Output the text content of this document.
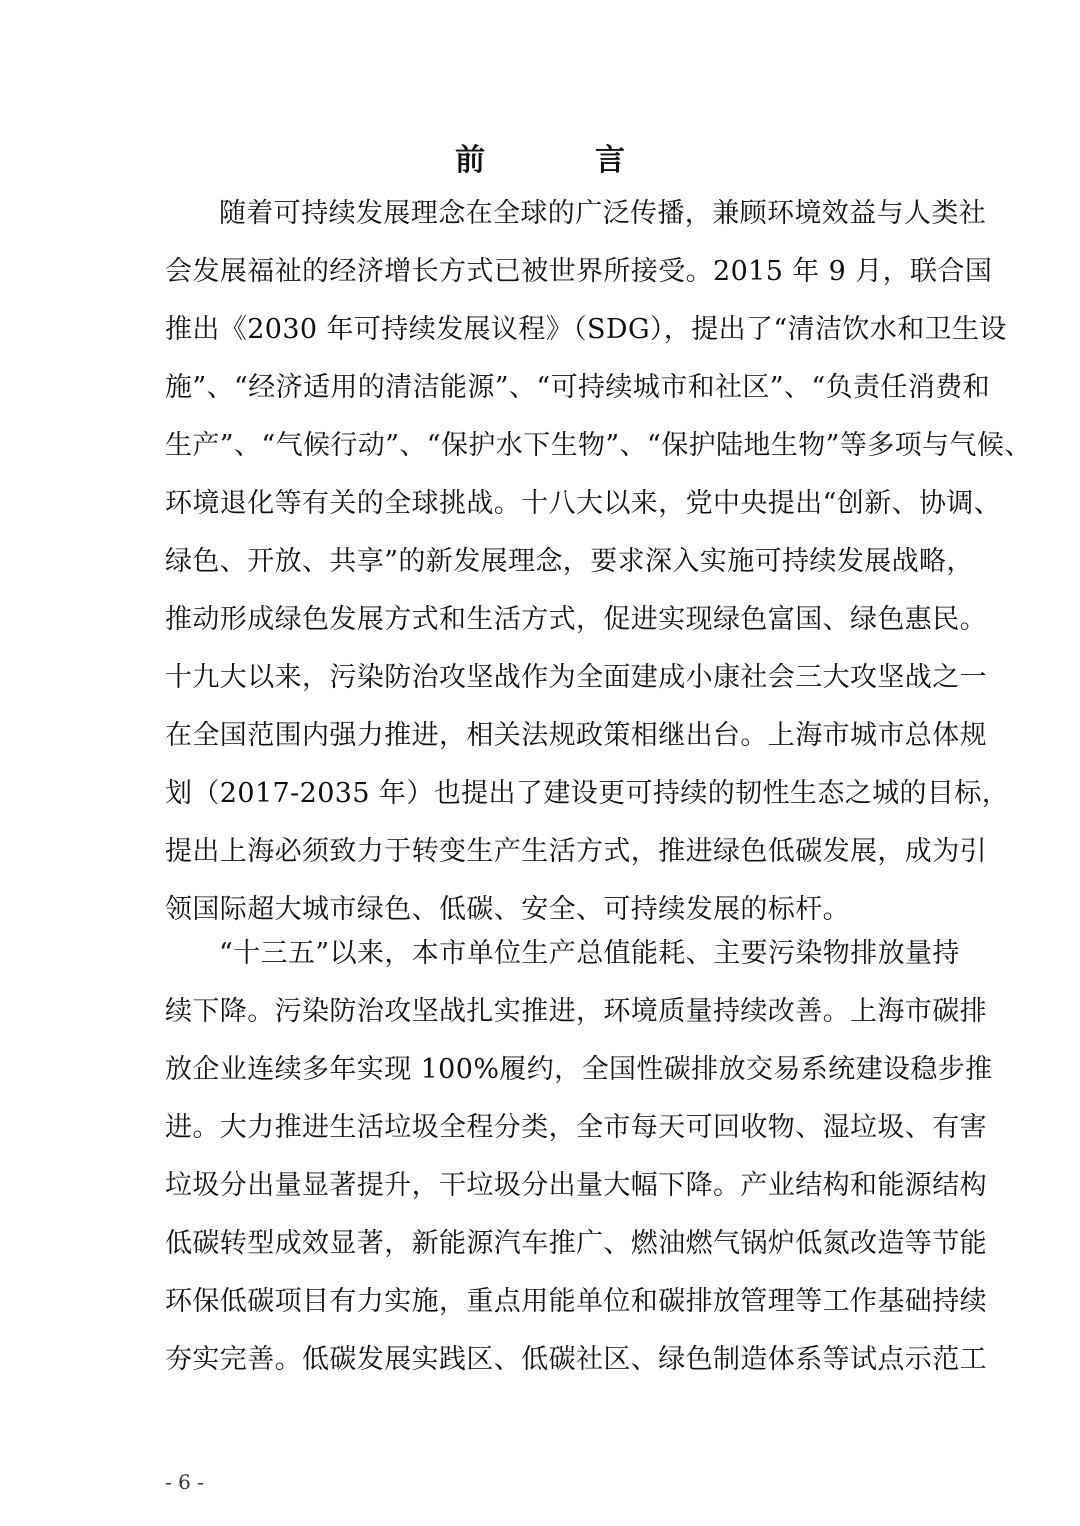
前　言
随着可持续发展理念在全球的广泛传播，兼顾环境效益与人类社
会发展福祉的经济增长方式已被世界所接受。2015 年 9 月，联合国
推出《2030 年可持续发展议程》（SDG），提出了“清洁饮水和卫生设
施”、“经济适用的清洁能源”、“可持续城市和社区”、“负责任消费和
生产”、“气候行动”、“保护水下生物”、“保护陆地生物”等多项与气候、
环境退化等有关的全球挑战。十八大以来，党中央提出“创新、协调、
绿色、开放、共享”的新发展理念，要求深入实施可持续发展战略，
推动形成绿色发展方式和生活方式，促进实现绿色富国、绿色惠民。
十九大以来，污染防治攻坚战作为全面建成小康社会三大攻坚战之一
在全国范围内强力推进，相关法规政策相继出台。上海市城市总体规
划（2017-2035 年）也提出了建设更可持续的韧性生态之城的目标，
提出上海必须致力于转变生产生活方式，推进绿色低碳发展，成为引
领国际超大城市绿色、低碳、安全、可持续发展的标杆。
“十三五”以来，本市单位生产总值能耗、主要污染物排放量持
续下降。污染防治攻坚战扎实推进，环境质量持续改善。上海市碳排
放企业连续多年实现 100%履约，全国性碳排放交易系统建设稳步推
进。大力推进生活垃圾全程分类，全市每天可回收物、湿垃圾、有害
垃圾分出量显著提升，干垃圾分出量大幅下降。产业结构和能源结构
低碳转型成效显著，新能源汽车推广、燃油燃气锅炉低氮改造等节能
环保低碳项目有力实施，重点用能单位和碳排放管理等工作基础持续
夯实完善。低碳发展实践区、低碳社区、绿色制造体系等试点示范工
- 6 -
